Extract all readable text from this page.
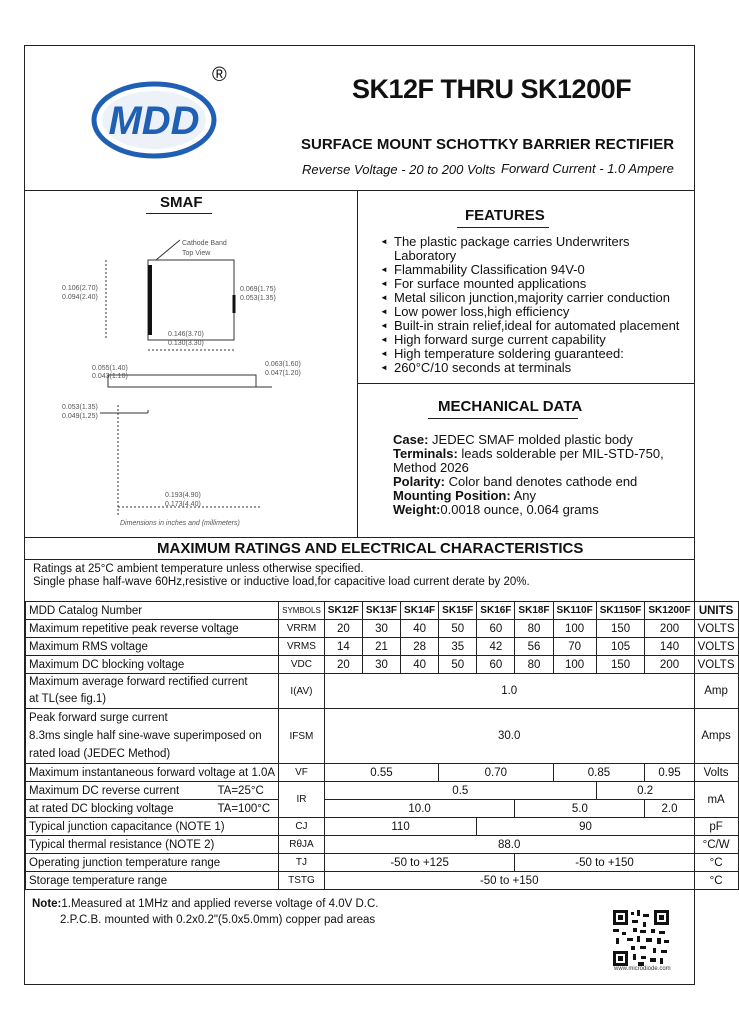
MDD
®	SK12F THRU SK1200F
SURFACE MOUNT SCHOTTKY BARRIER RECTIFIER
Reverse Voltage - 20 to 200 Volts Forward Current - 1.0 Ampere
SMAF
Cathode Band
Top View
0.106(2.70)
0.094(2.40)
0.069(1.75)
0.053(1.35)
0.146(3.70)
0.130(3.30)
0.055(1.40)
0.043(1.10)
0.063(1.60)
0.047(1.20)
0.053(1.35)
0.049(1.25)
0.193(4.90)
0.173(4.40)
Dimensions in inches and (millimeters)
FEATURES
◄ The plastic package carries Underwriters Laboratory
◄ Flammability Classification 94V-0
◄ For surface mounted applications
◄ Metal silicon junction,majority carrier conduction
◄ Low power loss,high efficiency
◄ Built-in strain relief,ideal for automated placement
◄ High forward surge current capability
◄ High temperature soldering guaranteed:
◄ 260°C/10 seconds at terminals
MECHANICAL DATA
Case: JEDEC SMAF molded plastic body
Terminals: leads solderable per MIL-STD-750,
Method 2026
Polarity: Color band denotes cathode end
Mounting Position: Any
Weight:0.0018 ounce, 0.064 grams
MAXIMUM RATINGS AND ELECTRICAL CHARACTERISTICS
Ratings at 25°C ambient temperature unless otherwise specified.
Single phase half-wave 60Hz,resistive or inductive load,for capacitive load current derate by 20%.
MDD Catalog Number	SYMBOLS	SK12F	SK13F	SK14F	SK15F	SK16F	SK18F	SK110F	SK1150F	SK1200F	UNITS
Maximum repetitive peak reverse voltage	VRRM	20	30	40	50	60	80	100	150	200	VOLTS
Maximum RMS voltage	VRMS	14	21	28	35	42	56	70	105	140	VOLTS
Maximum DC blocking voltage	VDC	20	30	40	50	60	80	100	150	200	VOLTS

Maximum average forward rectified current
at TL(see fig.1)	I(AV)	1.0									Amp

Peak forward surge current
8.3ms single half sine-wave superimposed on
rated load (JEDEC Method)	IFSM	30.0									Amps
Maximum instantaneous forward voltage at 1.0A	VF	0.55			0.70			0.85		0.95	Volts
Maximum DC reverse current TA=25°C	IR	0.5							0.2		mA
at rated DC blocking voltage TA=100°C		10.0					5.0			2.0	
Typical junction capacitance (NOTE 1)	CJ	110				90					pF
Typical thermal resistance (NOTE 2)	RθJA	88.0									°C/W
Operating junction temperature range	TJ	-50 to +125					-50 to +150				°C
Storage temperature range	TSTG	-50 to +150									°C
Note:1.Measured at 1MHz and applied reverse voltage of 4.0V D.C.
2.P.C.B. mounted with 0.2x0.2"(5.0x5.0mm) copper pad areas
www.microdiode.com
